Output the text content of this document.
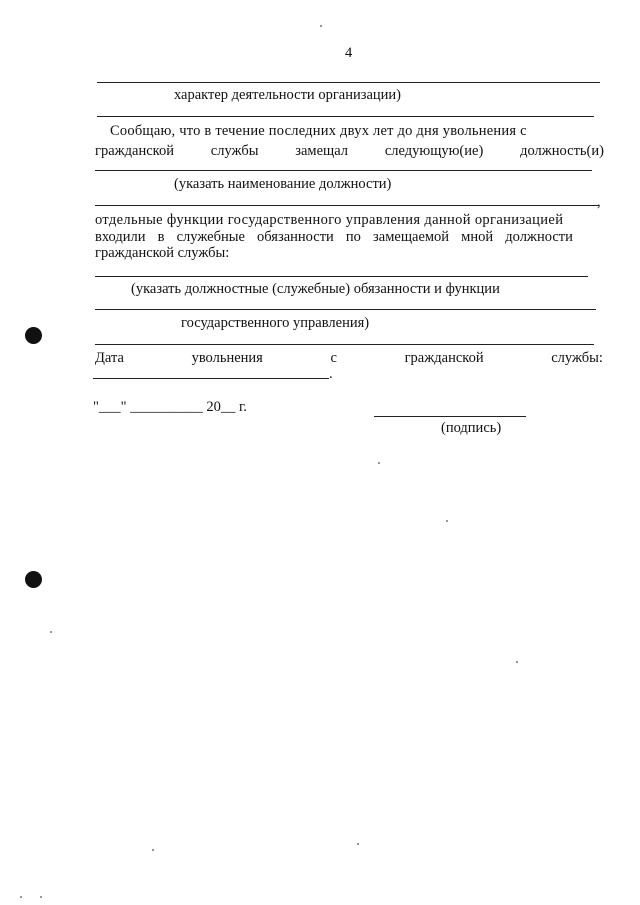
4
характер деятельности организации)
Сообщаю, что в течение последних двух лет до дня увольнения с
гражданской	службы	замещал	следующую(ие)	должность(и)
(указать наименование должности)
,
отдельные функции государственного управления данной организацией
входили в служебные обязанности по замещаемой мной должности
гражданской службы:
(указать должностные (служебные) обязанности и функции
государственного управления)
Дата	увольнения	с	гражданской	службы:
.
"___" __________ 20__ г.
(подпись)
